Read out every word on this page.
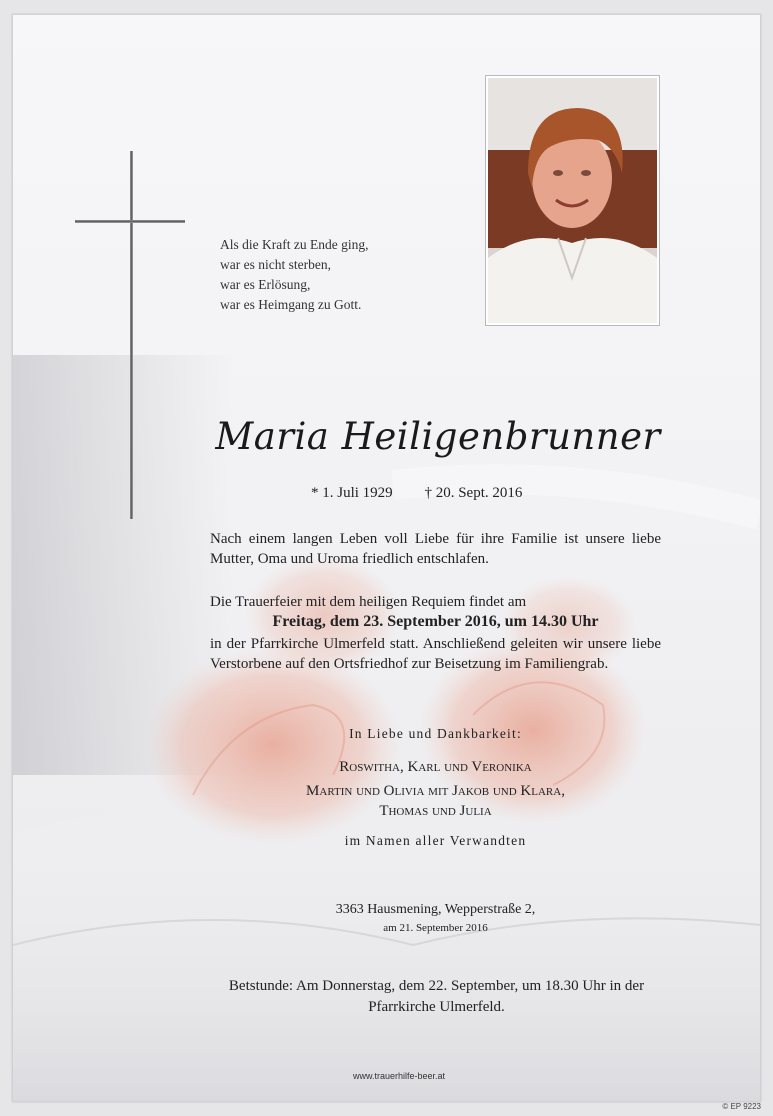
Als die Kraft zu Ende ging,
war es nicht sterben,
war es Erlösung,
war es Heimgang zu Gott.
Maria Heiligenbrunner
* 1. Juli 1929 † 20. Sept. 2016
Nach einem langen Leben voll Liebe für ihre Familie ist unsere liebe Mutter, Oma und Uroma friedlich entschlafen.
Die Trauerfeier mit dem heiligen Requiem findet am
Freitag, dem 23. September 2016, um 14.30 Uhr
in der Pfarrkirche Ulmerfeld statt. Anschließend geleiten wir unsere liebe Verstorbene auf den Ortsfriedhof zur Beisetzung im Familiengrab.
In Liebe und Dankbarkeit:
Roswitha, Karl und Veronika
Martin und Olivia mit Jakob und Klara,
Thomas und Julia
im Namen aller Verwandten
3363 Hausmening, Wepperstraße 2,
am 21. September 2016
Betstunde: Am Donnerstag, dem 22. September, um 18.30 Uhr in der Pfarrkirche Ulmerfeld.
www.trauerhilfe-beer.at
© EP 9223
